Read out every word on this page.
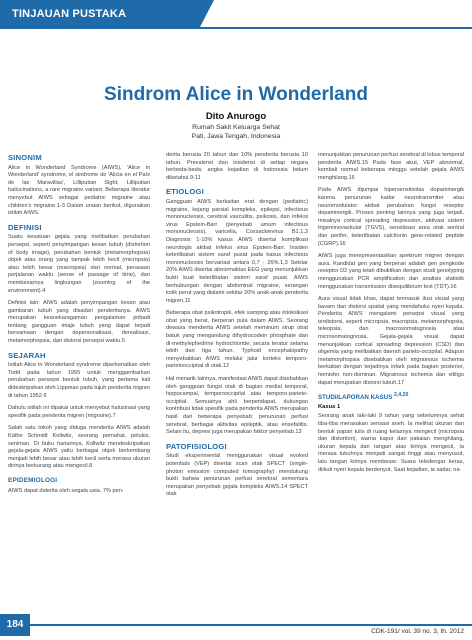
TINJAUAN PUSTAKA
Sindrom Alice in Wonderland
Dito Anurogo
Rumah Sakit Keluarga Sehat
Pati, Jawa Tengah, Indonesia
SINONIM

Alice in Wonderland Syndrome (AIWS), 'Alice in Wonderland' syndrome, el sindrome de 'Alicia en el País de las Maravillas', Lilliputian Sight, Lilliputian hallucinations, a rare migraine variant. Beberapa literatur menyebut AIWS sebagai pediatric migraine atau children's migraine.1-3 Dalam uraian berikut, digunakan istilah AIWS.

DEFINISI

Suatu kesatuan gejala yang melibatkan perubahan persepsi, seperti penyimpangan kesan tubuh (distortion of body image), perubahan bentuk (metamorphopsia) objek atau orang yang tampak lebih kecil (micropsia) atau lebih besar (macropsia) dari normal, perasaan perjalanan waktu (sense of passage of time), dan membesarnya lingkungan (zooming of the environment).4

Definisi lain: AIWS adalah penyimpangan kesan atau gambaran tubuh yang disadari penderitanya. AIWS merupakan keanekaragaman pengalaman pribadi tentang gangguan imaje tubuh yang dapat terjadi bersamaan dengan depersonalisasi, derealisasi, metamorphopsia, dan distorsi persepsi waktu.5

SEJARAH

Istilah Alice in Wonderland syndrome diperkenalkan oleh Todd pada tahun 1955 untuk menggambarkan perubahan persepsi bentuk tubuh, yang pertama kali dideskripsikan oleh Lippman pada tujuh penderita migren di tahun 1952.6

Dahulu istilah ini dipakai untuk menyebut halusinasi yang spesifik pada penderita migren (migraine).7

Salah satu tokoh yang diduga menderita AIWS adalah Käthe Schmidt Kollwitz, seorang pemahat, pelukis, seniman. Di buku hariannya, Kollwitz mendeskripsikan gejala-gejala AIWS yaitu berbagai objek berkembang menjadi lebih besar atau lebih kecil serta merasa ukuran dirinya berkurang atau mengecil.8

EPIDEMIOLOGI

AIWS dapat diderita oleh segala usia, 7% pen-

derita berusia 20 tahun dan 10% penderita berusia 10 tahun. Prevalensi dan insidensi di setiap negara berbeda-beda; angka kejadian di Indonesia belum diketahui.9-11

ETIOLOGI

Gangguan AIWS berkaitan erat dengan (pediatric) migraine, kejang parsial kompleks, epilepsi, infectious mononucleosis, cerebral vasculitis, psikosis, dan infeksi virus Epstein-Barr (penyebab umum infectious mononucleosis), varicella, Coxsackievirus B1.1,3 Diagnosis 1-10% kasus AIWS disertai komplikasi neurologis akibat infeksi virus Epstein-Barr. Insiden keterlibatan sistem saraf pusat pada kasus infectious mononucleosis bervariasi antara 0,7 - 26%.1,3 Sekitar 20% AIWS disertai abnormalitas EEG yang menunjukkan bukti kuat keterlibatan sistem saraf pusat. AIWS berhubungan dengan abdominal migraine, serangan kolik perut yang dialami sekitar 20% anak-anak penderita migren.11

Beberapa obat psikotropik, efek samping atau intoksikasi obat yang berat, berperan pula dalam AIWS. Seorang dewasa menderita AIWS setelah meminum sirup obat batuk yang mengandung dihydrocodein phosphate dan dl-methylephedrine hydrochloride; secara teratur selama lebih dari tiga tahun. Typhoid encephalopathy menyebabkan AIWS melalui jalur korteks temporo-parietooccipital di otak.12

Hal menarik lainnya, manifestasi AIWS dapat disebabkan oleh gangguan fungsi otak di bagian medial temporal, hippocampal, temporooccipital atau temporo-parieto-occipital. Semuanya ahli berpendapat, dukungan kontribusi tidak spesifik pada penderita AIWS merupakan hasil dari beberapa penyebab: penurunan perfusi serebral, berbagai aktivitas epileptik, atau ensefalitis. Selain itu, depresi juga merupakan faktor penyebab.13

PATOFISIOLOGI

Studi eksperimental menggunakan visual evoked potentials (VEP) disertai scan otak SPECT (single-photon emission computed tomography) mendukung bukti bahwa penurunan perfusi serebral sementara merupakan penyebab gejala kompleks AIWS.14 SPECT otak

menunjukkan penurunan perfusi serebral di lobus temporal penderita AIWS.15 Pada fase akut, VEP abnormal, kembali normal beberapa minggu setelah gejala AIWS menghilang.16

Pada AIWS dijumpai hipersensitivitas dopaminergik karena penurunan kadar neurotransmiter atau neuromodulator akibat perubahan fungsi reseptor dopaminergik. Proses penting lainnya yang juga terjadi, misalnya cortical spreading depression, aktivasi sistem trigeminovaskular (TGVS), sensitisasi area otak sentral dan perifer, keterlibatan calcitonin gene-related peptide (CGRP).16

AIWS juga merepresentasikan spektrum migren dengan aura. Kandidat gen yang berperan adalah gen pengkode reseptor D2 yang telah dibuktikan dengan studi genotyping menggunakan PCR amplification dan analisis statistik menggunakan transmission disequilibrium test (TDT).16

Aura visual tidak khas, dapat termasuk ilusi visual yang bavam dan distorsi spatial yang mendahului nyeri kepala. Penderita AIWS mengalami persepsi visual yang terdistorsi, seperti micropsia, macropsia, metamorphopsia, teleopsia, dan macrosomatognosia atau microsomatognosia. Gejala-gejala visual dapat menunjukkan cortical spreading depression (CSD) dan oligemia yang melibatkan daerah parieto-occipital. Adapun metamorphopsia disebabkan oleh migrainous ischemia berkaitan dengan terjadinya infark pada bagian posterior, hemisfer non-dominan. Migrainous ischemia dan vitiligo dapat merupakan distorsi tubuh.17

STUDI/LAPORAN KASUS $^{2,4,20}$
Kasus 1

Seorang anak laki-laki 9 tahun yang sebelumnya sehat tiba-tiba merasakan sensasi aneh. Ia melihat ukuran dan bentuk papan tulis di ruang kelasnya mengecil (micropsia dan distortion), warna kapur dan pakaian menghilang, ukuran kepala dan tangan atas kirinya mengecil. Ia merasa tubuhnya menjadi sangat tinggi atau menyusut, lalu tangan kirinya membesar. Suara teledengar keras, diikuti nyeri kepala berdenyut. Saat kejadian, ia sadar, na-

184
CDK-191/ vol. 39 no. 3, th. 2012
